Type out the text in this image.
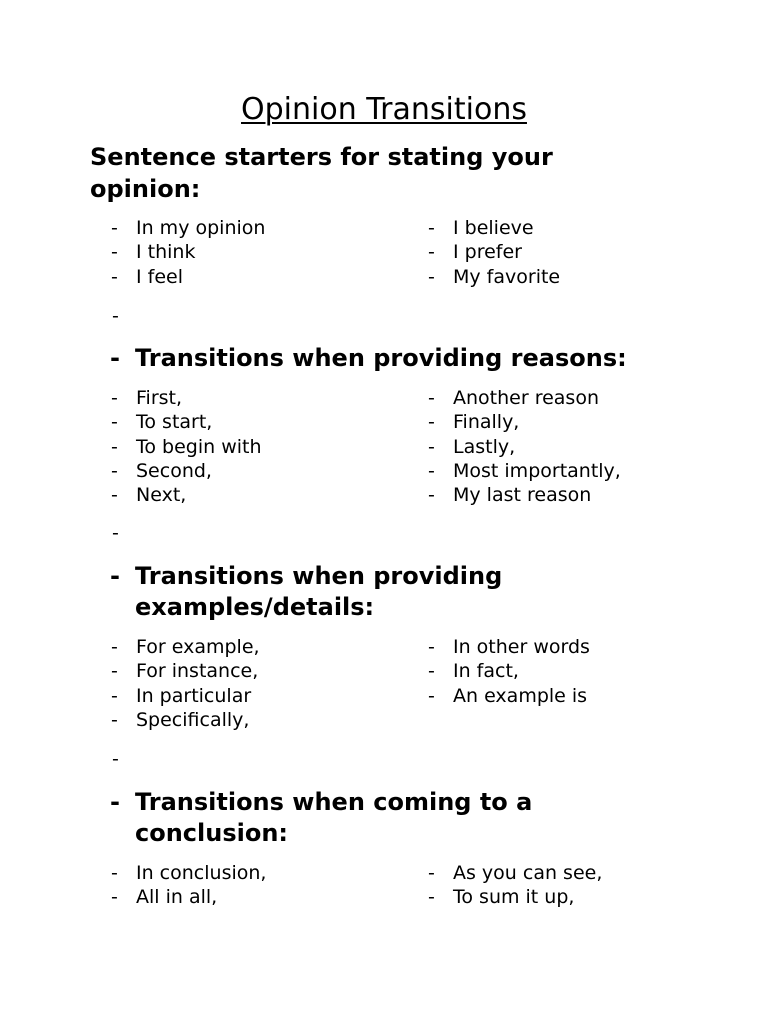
Opinion Transitions
Sentence starters for stating your opinion:
- In my opinion
- I think
- I feel
- I believe
- I prefer
- My favorite
-
- Transitions when providing reasons:
- First,
- To start,
- To begin with
- Second,
- Next,
- Another reason
- Finally,
- Lastly,
- Most importantly,
- My last reason
-
- Transitions when providing examples/details:
- For example,
- For instance,
- In particular
- Specifically,
- In other words
- In fact,
- An example is
-
- Transitions when coming to a conclusion:
- In conclusion,
- All in all,
- As you can see,
- To sum it up,
